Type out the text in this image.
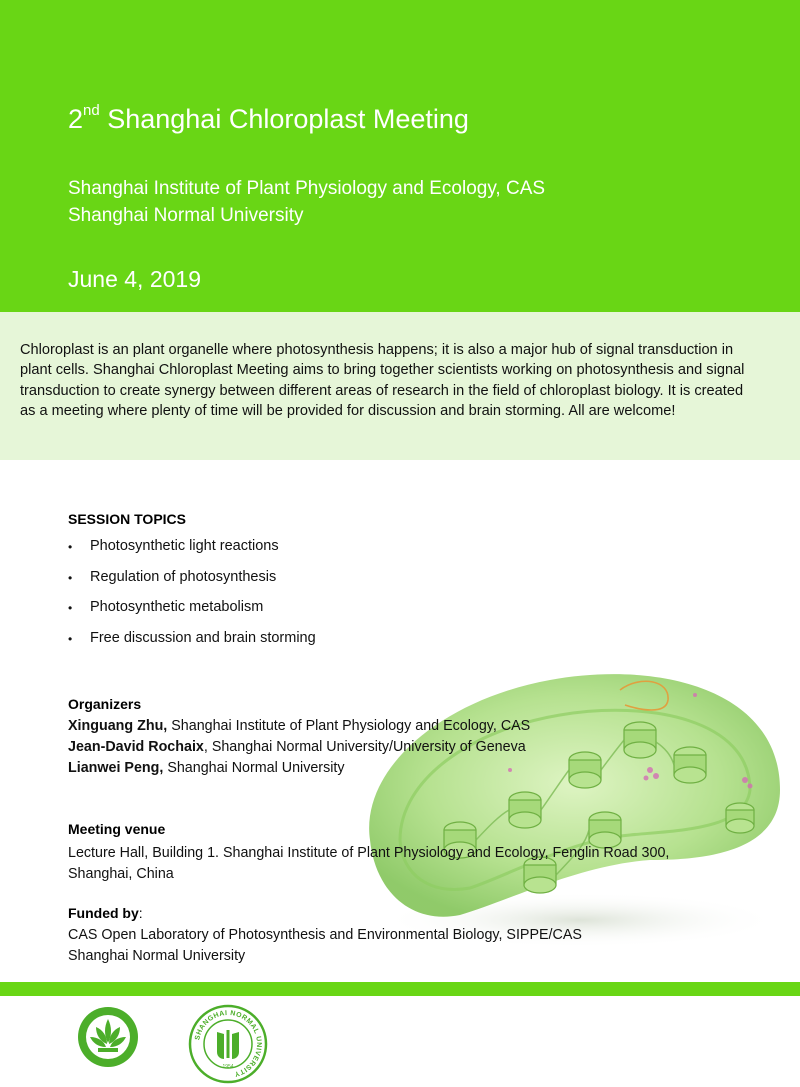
2nd Shanghai Chloroplast Meeting
Shanghai Institute of Plant Physiology and Ecology, CAS
Shanghai Normal University
June 4, 2019

Chloroplast is an plant organelle where photosynthesis happens; it is also a major hub of signal transduction in plant cells. Shanghai Chloroplast Meeting aims to bring together scientists working on photosynthesis and signal transduction to create synergy between different areas of research in the field of chloroplast biology. It is created as a meeting where plenty of time will be provided for discussion and brain storming. All are welcome!

SESSION TOPICS
•	Photosynthetic light reactions
•	Regulation of photosynthesis
•	Photosynthetic metabolism
•	Free discussion and brain storming
Organizers
Xinguang Zhu, Shanghai Institute of Plant Physiology and Ecology, CAS
Jean-David Rochaix, Shanghai Normal University/University of Geneva
Lianwei Peng, Shanghai Normal University
Meeting venue
Lecture Hall, Building 1. Shanghai Institute of Plant Physiology and Ecology, Fenglin Road 300, Shanghai, China
Funded by:
CAS Open Laboratory of Photosynthesis and Environmental Biology, SIPPE/CAS
Shanghai Normal University
SHANGHAI NORMAL UNIVERSITY
1954
